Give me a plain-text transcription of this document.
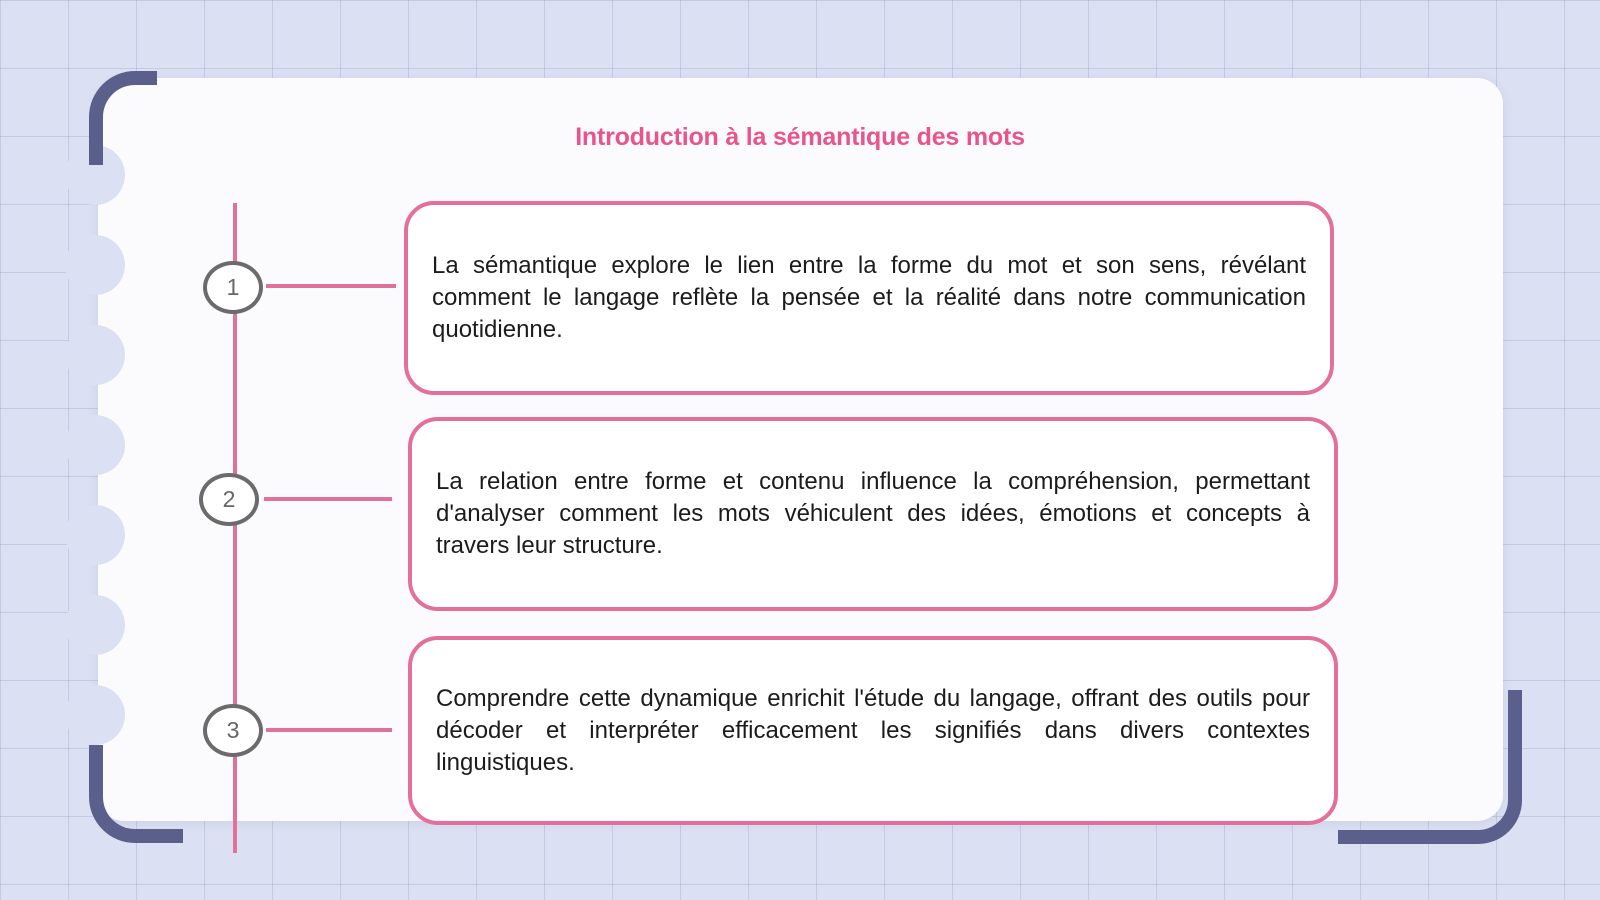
Introduction à la sémantique des mots
1

La sémantique explore le lien entre la forme du mot et son sens, révélant comment le langage reflète la pensée et la réalité dans notre communication quotidienne.

2

La relation entre forme et contenu influence la compréhension, permettant d'analyser comment les mots véhiculent des idées, émotions et concepts à travers leur structure.

3

Comprendre cette dynamique enrichit l'étude du langage, offrant des outils pour décoder et interpréter efficacement les signifiés dans divers contextes linguistiques.
